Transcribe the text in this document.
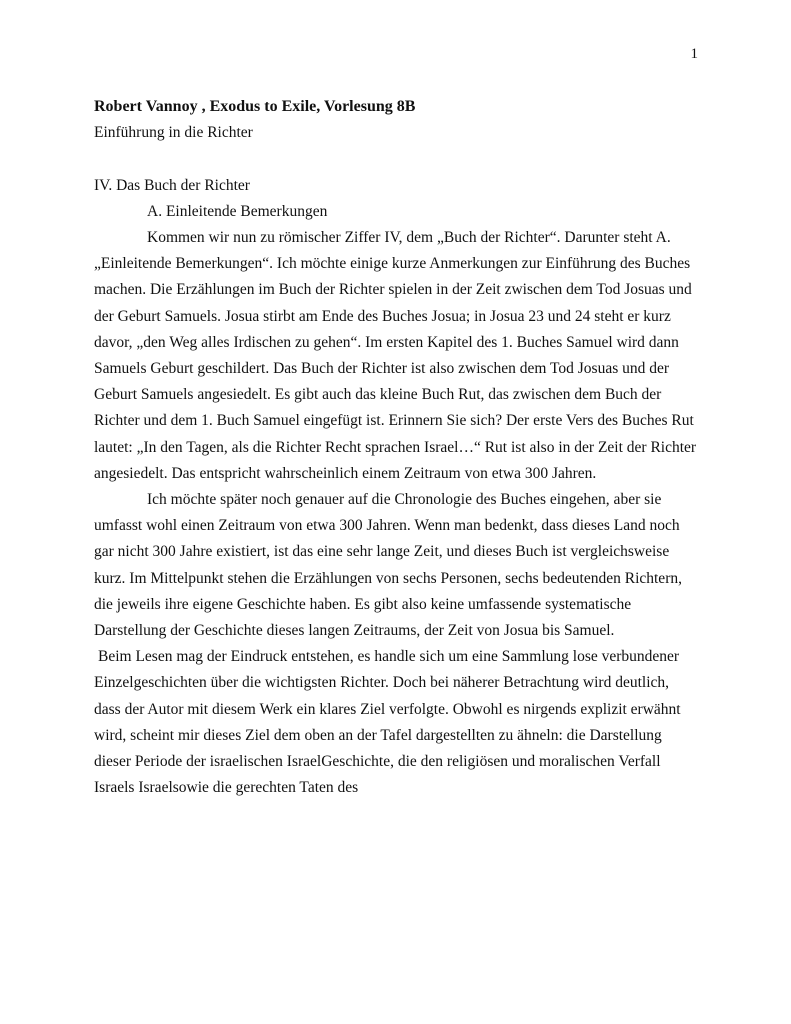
1

Robert Vannoy , Exodus to Exile, Vorlesung 8B

Einführung in die Richter

IV. Das Buch der Richter

A. Einleitende Bemerkungen

Kommen wir nun zu römischer Ziffer IV, dem „Buch der Richter“. Darunter steht A. „Einleitende Bemerkungen“. Ich möchte einige kurze Anmerkungen zur Einführung des Buches machen. Die Erzählungen im Buch der Richter spielen in der Zeit zwischen dem Tod Josuas und der Geburt Samuels. Josua stirbt am Ende des Buches Josua; in Josua 23 und 24 steht er kurz davor, „den Weg alles Irdischen zu gehen“. Im ersten Kapitel des 1. Buches Samuel wird dann Samuels Geburt geschildert. Das Buch der Richter ist also zwischen dem Tod Josuas und der Geburt Samuels angesiedelt. Es gibt auch das kleine Buch Rut, das zwischen dem Buch der Richter und dem 1. Buch Samuel eingefügt ist. Erinnern Sie sich? Der erste Vers des Buches Rut lautet: „In den Tagen, als die Richter Recht sprachen Israel…“ Rut ist also in der Zeit der Richter angesiedelt. Das entspricht wahrscheinlich einem Zeitraum von etwa 300 Jahren.

Ich möchte später noch genauer auf die Chronologie des Buches eingehen, aber sie umfasst wohl einen Zeitraum von etwa 300 Jahren. Wenn man bedenkt, dass dieses Land noch gar nicht 300 Jahre existiert, ist das eine sehr lange Zeit, und dieses Buch ist vergleichsweise kurz. Im Mittelpunkt stehen die Erzählungen von sechs Personen, sechs bedeutenden Richtern, die jeweils ihre eigene Geschichte haben. Es gibt also keine umfassende systematische Darstellung der Geschichte dieses langen Zeitraums, der Zeit von Josua bis Samuel.

Beim Lesen mag der Eindruck entstehen, es handle sich um eine Sammlung lose verbundener Einzelgeschichten über die wichtigsten Richter. Doch bei näherer Betrachtung wird deutlich, dass der Autor mit diesem Werk ein klares Ziel verfolgte. Obwohl es nirgends explizit erwähnt wird, scheint mir dieses Ziel dem oben an der Tafel dargestellten zu ähneln: die Darstellung dieser Periode der israelischen IsraelGeschichte, die den religiösen und moralischen Verfall Israels Israelsowie die gerechten Taten des
